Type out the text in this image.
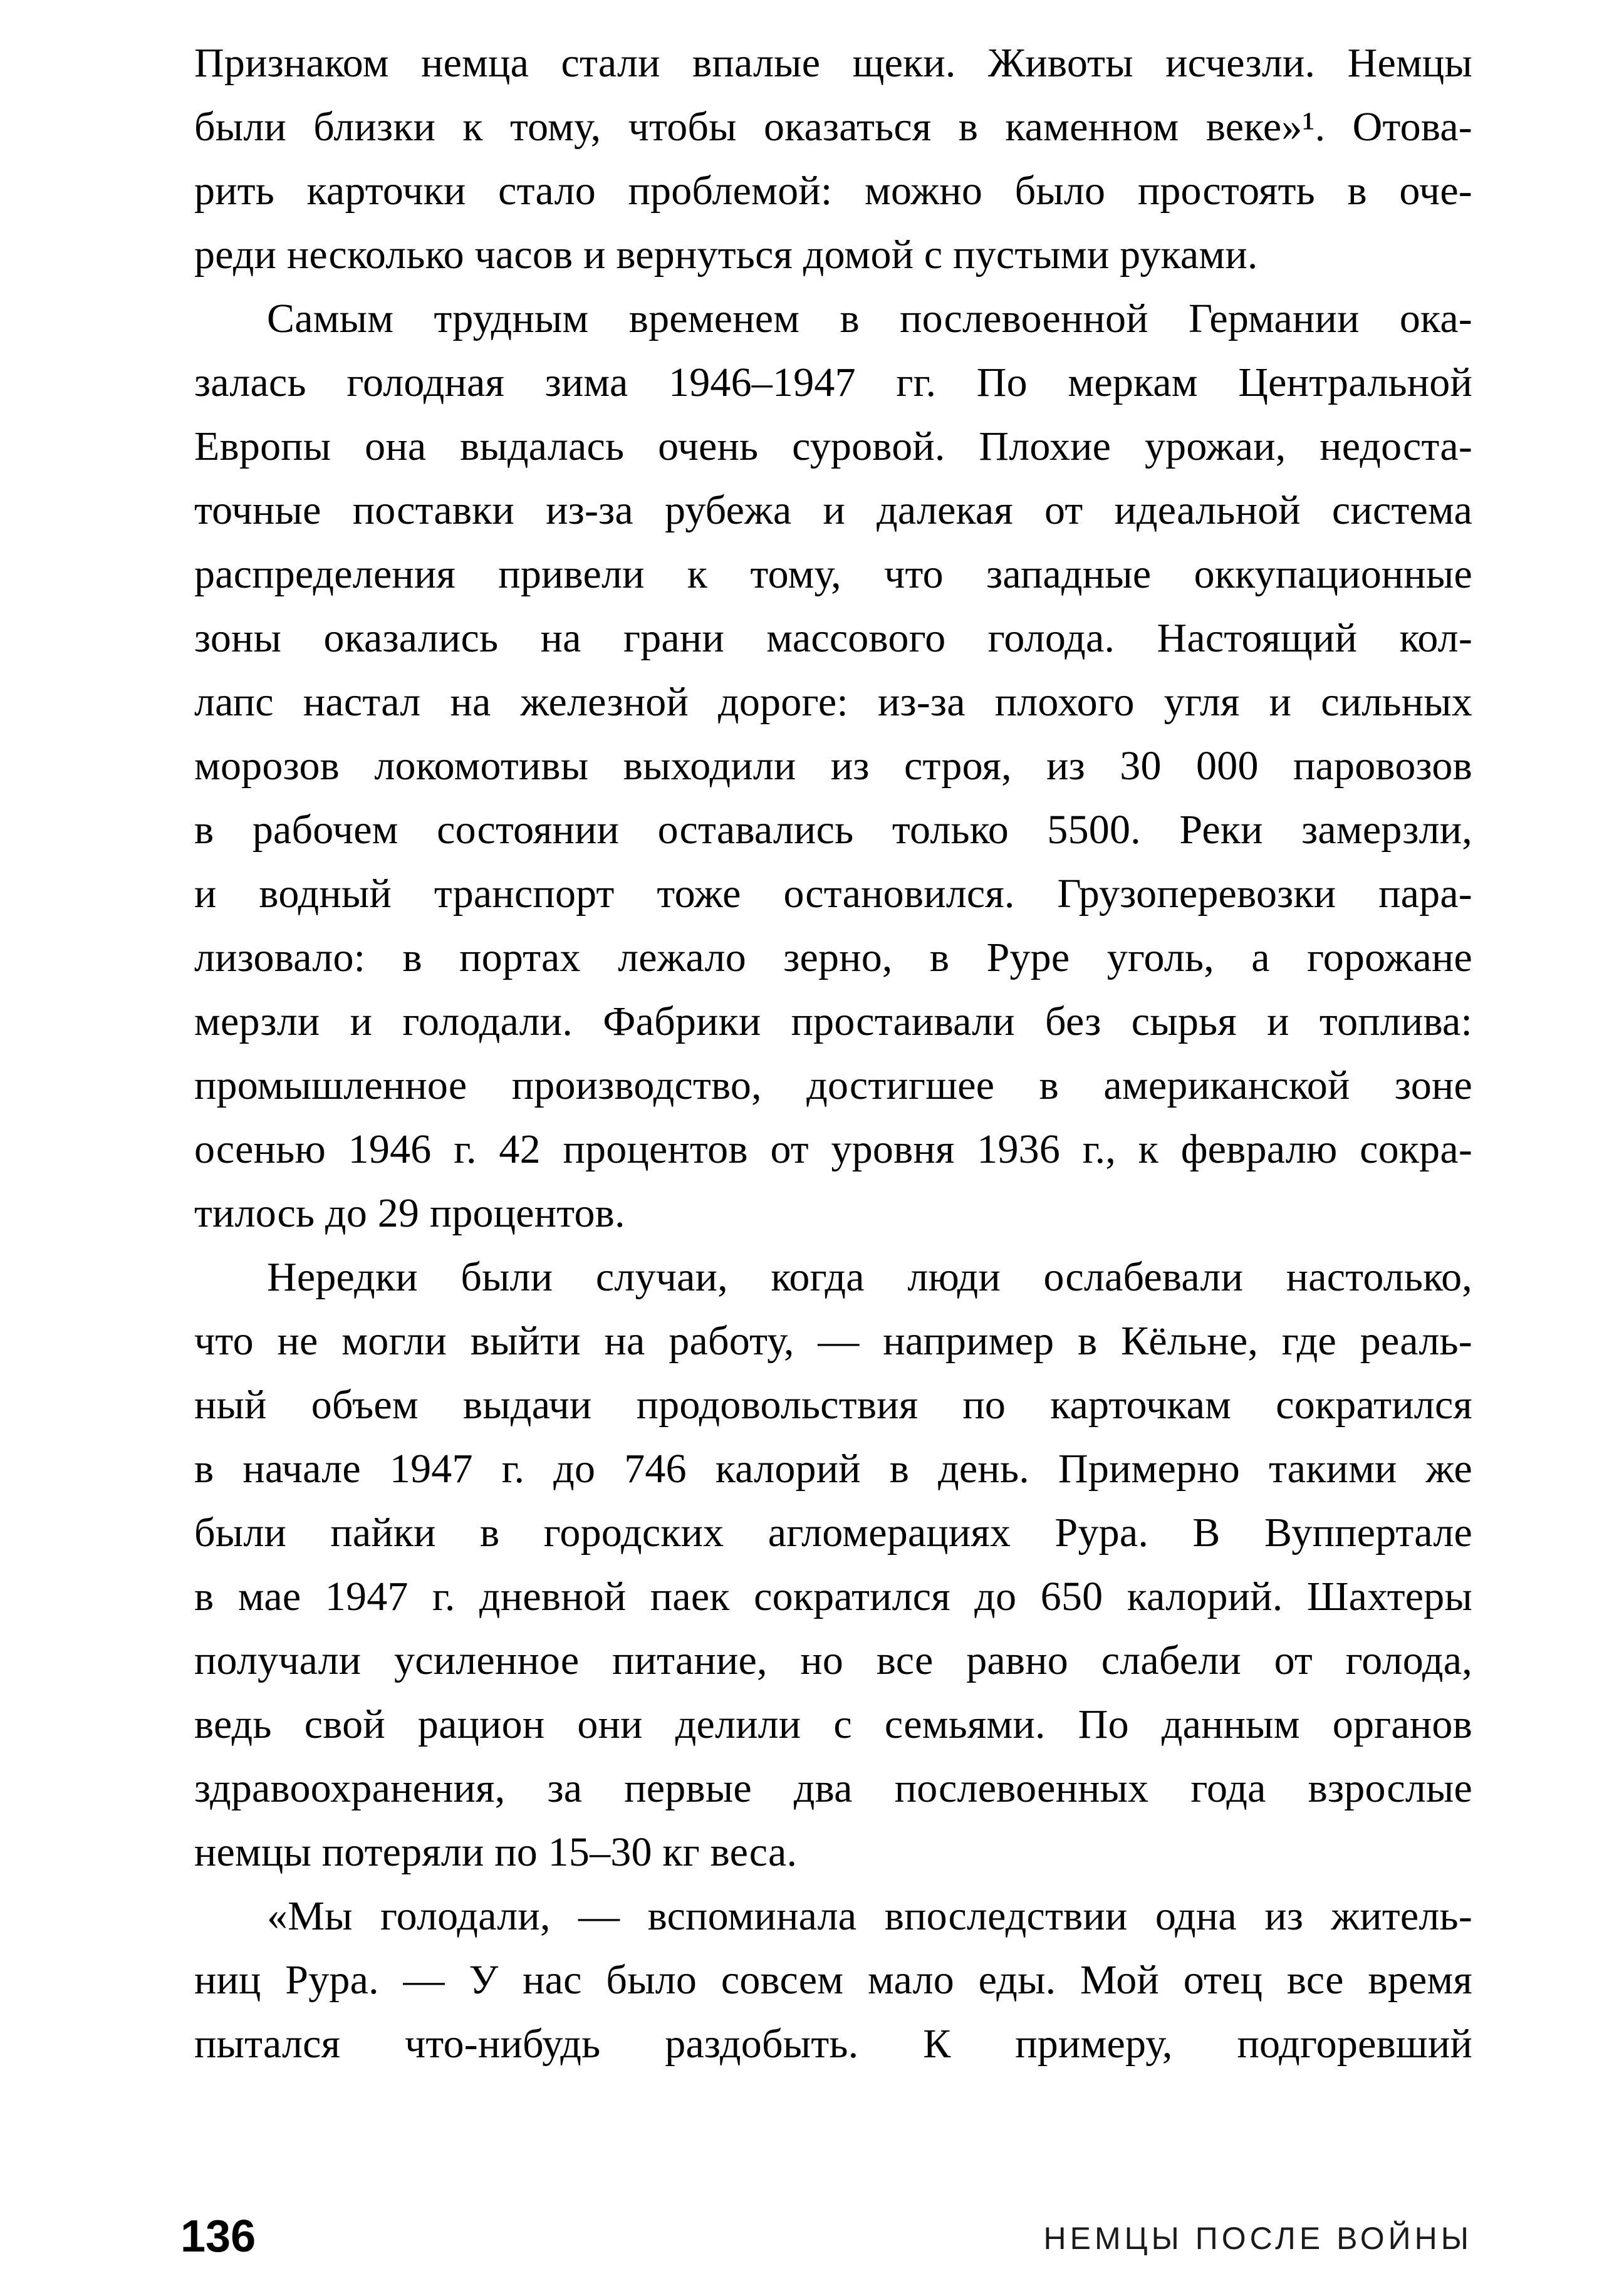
Признаком немца стали впалые щеки. Животы исчезли. Немцы
были близки к тому, чтобы оказаться в каменном веке»¹. Отова-
рить карточки стало проблемой: можно было простоять в оче-
реди несколько часов и вернуться домой с пустыми руками.
Самым трудным временем в послевоенной Германии ока-
залась голодная зима 1946–1947 гг. По меркам Центральной
Европы она выдалась очень суровой. Плохие урожаи, недоста-
точные поставки из-за рубежа и далекая от идеальной система
распределения привели к тому, что западные оккупационные
зоны оказались на грани массового голода. Настоящий кол-
лапс настал на железной дороге: из-за плохого угля и сильных
морозов локомотивы выходили из строя, из 30 000 паровозов
в рабочем состоянии оставались только 5500. Реки замерзли,
и водный транспорт тоже остановился. Грузоперевозки пара-
лизовало: в портах лежало зерно, в Руре уголь, а горожане
мерзли и голодали. Фабрики простаивали без сырья и топлива:
промышленное производство, достигшее в американской зоне
осенью 1946 г. 42 процентов от уровня 1936 г., к февралю сокра-
тилось до 29 процентов.
Нередки были случаи, когда люди ослабевали настолько,
что не могли выйти на работу, — например в Кёльне, где реаль-
ный объем выдачи продовольствия по карточкам сократился
в начале 1947 г. до 746 калорий в день. Примерно такими же
были пайки в городских агломерациях Рура. В Вуппертале
в мае 1947 г. дневной паек сократился до 650 калорий. Шахтеры
получали усиленное питание, но все равно слабели от голода,
ведь свой рацион они делили с семьями. По данным органов
здравоохранения, за первые два послевоенных года взрослые
немцы потеряли по 15–30 кг веса.
«Мы голодали, — вспоминала впоследствии одна из житель-
ниц Рура. — У нас было совсем мало еды. Мой отец все время
пытался что-нибудь раздобыть. К примеру, подгоревший
136	НЕМЦЫ ПОСЛЕ ВОЙНЫ
